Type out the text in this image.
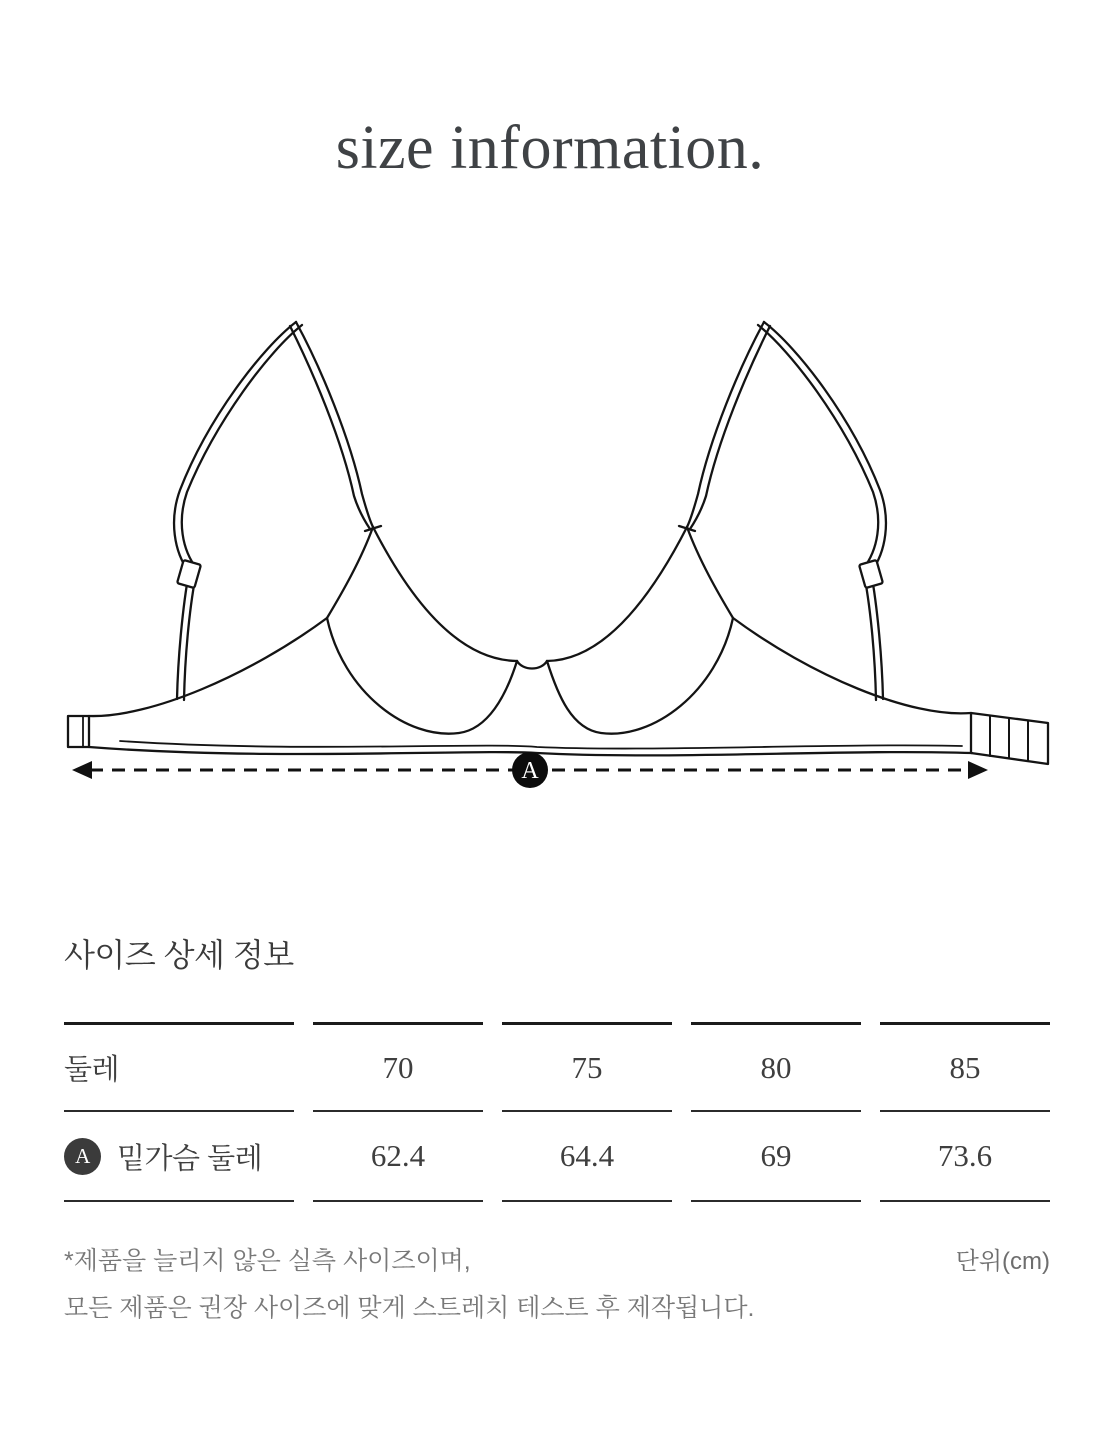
size information.
A
사이즈 상세 정보
둘레	70	75	80	85
A 밑가슴 둘레	62.4	64.4	69	73.6
*제품을 늘리지 않은 실측 사이즈이며,	단위(cm)
모든 제품은 권장 사이즈에 맞게 스트레치 테스트 후 제작됩니다.
